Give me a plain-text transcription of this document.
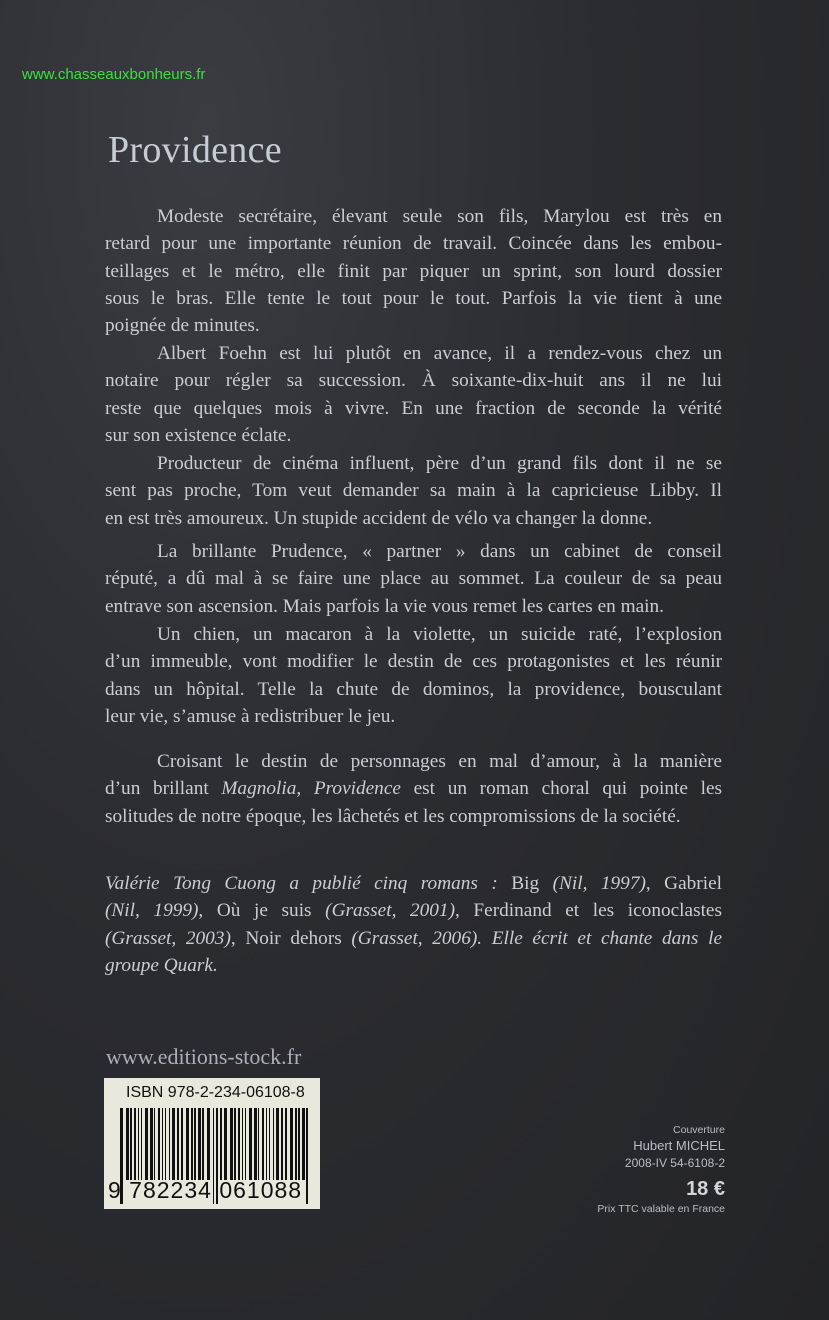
www.chasseauxbonheurs.fr
Providence
Modeste secrétaire, élevant seule son fils, Marylou est très en
retard pour une importante réunion de travail. Coincée dans les embou-
teillages et le métro, elle finit par piquer un sprint, son lourd dossier
sous le bras. Elle tente le tout pour le tout. Parfois la vie tient à une
poignée de minutes.
Albert Foehn est lui plutôt en avance, il a rendez-vous chez un
notaire pour régler sa succession. À soixante-dix-huit ans il ne lui
reste que quelques mois à vivre. En une fraction de seconde la vérité
sur son existence éclate.
Producteur de cinéma influent, père d’un grand fils dont il ne se
sent pas proche, Tom veut demander sa main à la capricieuse Libby. Il
en est très amoureux. Un stupide accident de vélo va changer la donne.
La brillante Prudence, « partner » dans un cabinet de conseil
réputé, a dû mal à se faire une place au sommet. La couleur de sa peau
entrave son ascension. Mais parfois la vie vous remet les cartes en main.
Un chien, un macaron à la violette, un suicide raté, l’explosion
d’un immeuble, vont modifier le destin de ces protagonistes et les réunir
dans un hôpital. Telle la chute de dominos, la providence, bousculant
leur vie, s’amuse à redistribuer le jeu.
Croisant le destin de personnages en mal d’amour, à la manière
d’un brillant Magnolia, Providence est un roman choral qui pointe les
solitudes de notre époque, les lâchetés et les compromissions de la société.
Valérie Tong Cuong a publié cinq romans : Big (Nil, 1997), Gabriel
(Nil, 1999), Où je suis (Grasset, 2001), Ferdinand et les iconoclastes
(Grasset, 2003), Noir dehors (Grasset, 2006). Elle écrit et chante dans le
groupe Quark.
www.editions-stock.fr
ISBN 978-2-234-06108-8
9 782234 061088
Couverture
Hubert MICHEL
2008-IV 54-6108-2
18 €
Prix TTC valable en France
